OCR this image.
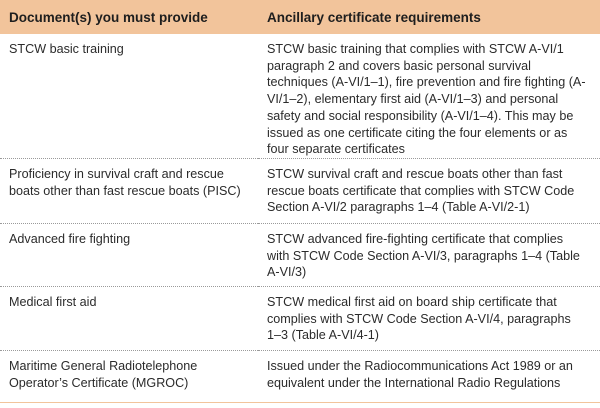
Document(s) you must provide	Ancillary certificate requirements
STCW basic training	STCW basic training that complies with STCW A-VI/1 paragraph 2 and covers basic personal survival techniques (A-VI/1–1), fire prevention and fire fighting (A-VI/1–2), elementary first aid (A-VI/1–3) and personal safety and social responsibility (A-VI/1–4). This may be issued as one certificate citing the four elements or as four separate certificates
Proficiency in survival craft and rescue boats other than fast rescue boats (PISC)	STCW survival craft and rescue boats other than fast rescue boats certificate that complies with STCW Code Section A-VI/2 paragraphs 1–4 (Table A-VI/2-1)
Advanced fire fighting	STCW advanced fire-fighting certificate that complies with STCW Code Section A-VI/3, paragraphs 1–4 (Table A-VI/3)
Medical first aid	STCW medical first aid on board ship certificate that complies with STCW Code Section A-VI/4, paragraphs 1–3 (Table A-VI/4-1)
Maritime General Radiotelephone Operator’s Certificate (MGROC)	Issued under the Radiocommunications Act 1989 or an equivalent under the International Radio Regulations
